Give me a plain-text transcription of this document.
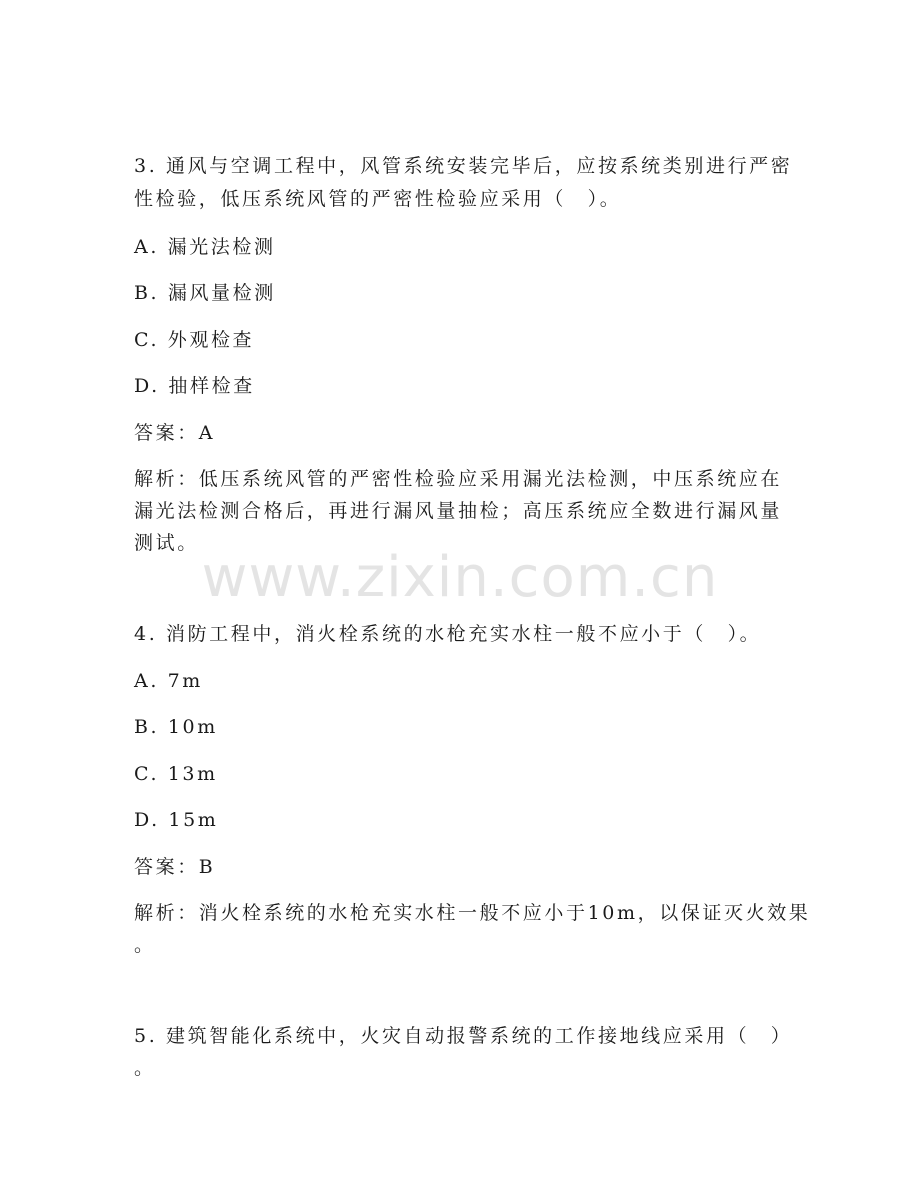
www.zixin.com.cn

3. 通风与空调工程中，风管系统安装完毕后，应按系统类别进行严密

性检验，低压系统风管的严密性检验应采用（　）。

A. 漏光法检测

B. 漏风量检测

C. 外观检查

D. 抽样检查

答案：A

解析：低压系统风管的严密性检验应采用漏光法检测，中压系统应在

漏光法检测合格后，再进行漏风量抽检；高压系统应全数进行漏风量

测试。

4. 消防工程中，消火栓系统的水枪充实水柱一般不应小于（　）。

A. 7m

B. 10m

C. 13m

D. 15m

答案：B

解析：消火栓系统的水枪充实水柱一般不应小于10m，以保证灭火效果

。

5. 建筑智能化系统中，火灾自动报警系统的工作接地线应采用（　）

。
